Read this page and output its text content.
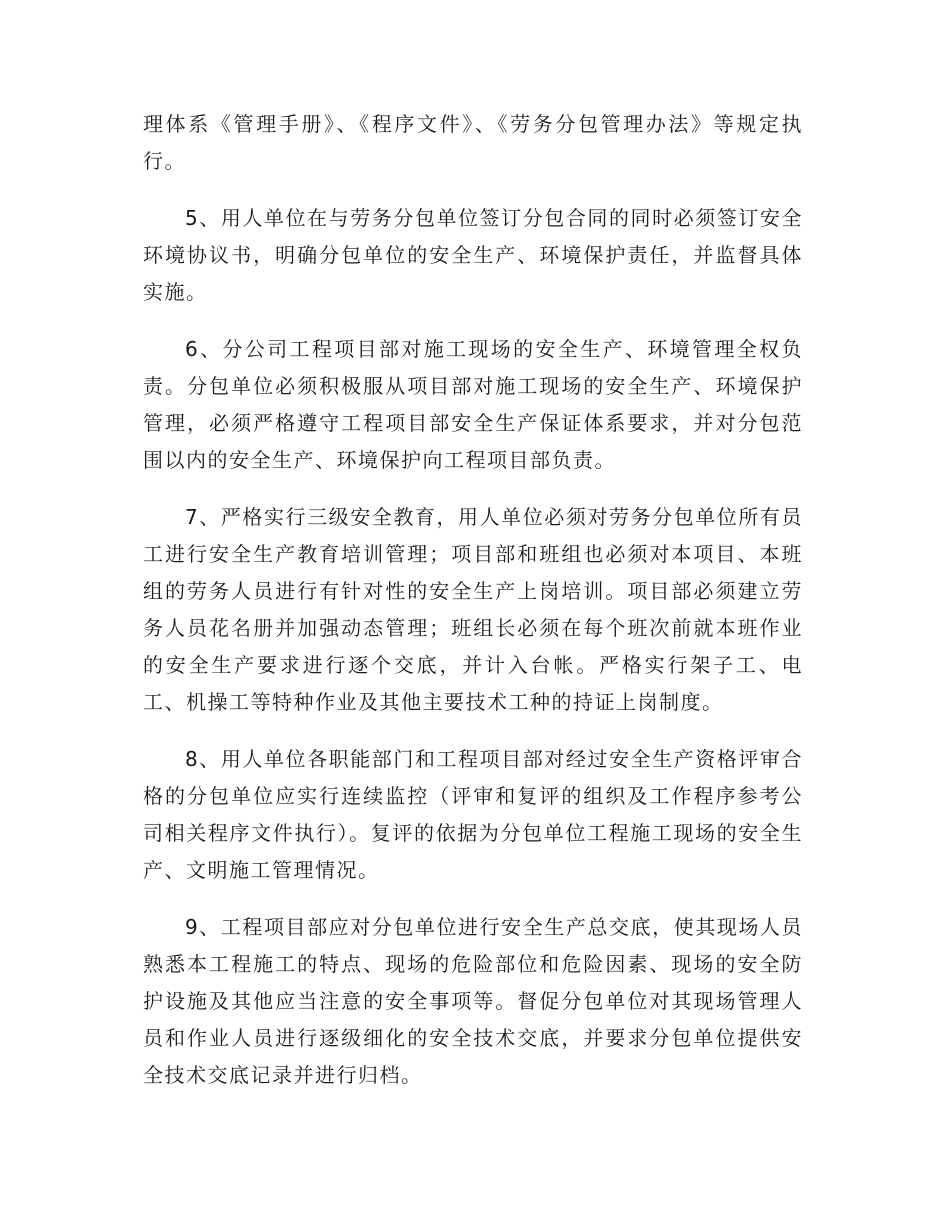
理体系《管理手册》、《程序文件》、《劳务分包管理办法》等规定执行。

5、用人单位在与劳务分包单位签订分包合同的同时必须签订安全环境协议书，明确分包单位的安全生产、环境保护责任，并监督具体实施。

6、分公司工程项目部对施工现场的安全生产、环境管理全权负责。分包单位必须积极服从项目部对施工现场的安全生产、环境保护管理，必须严格遵守工程项目部安全生产保证体系要求，并对分包范围以内的安全生产、环境保护向工程项目部负责。

7、严格实行三级安全教育，用人单位必须对劳务分包单位所有员工进行安全生产教育培训管理；项目部和班组也必须对本项目、本班组的劳务人员进行有针对性的安全生产上岗培训。项目部必须建立劳务人员花名册并加强动态管理；班组长必须在每个班次前就本班作业的安全生产要求进行逐个交底，并计入台帐。严格实行架子工、电工、机操工等特种作业及其他主要技术工种的持证上岗制度。

8、用人单位各职能部门和工程项目部对经过安全生产资格评审合格的分包单位应实行连续监控（评审和复评的组织及工作程序参考公司相关程序文件执行）。复评的依据为分包单位工程施工现场的安全生产、文明施工管理情况。

9、工程项目部应对分包单位进行安全生产总交底，使其现场人员熟悉本工程施工的特点、现场的危险部位和危险因素、现场的安全防护设施及其他应当注意的安全事项等。督促分包单位对其现场管理人员和作业人员进行逐级细化的安全技术交底，并要求分包单位提供安全技术交底记录并进行归档。
